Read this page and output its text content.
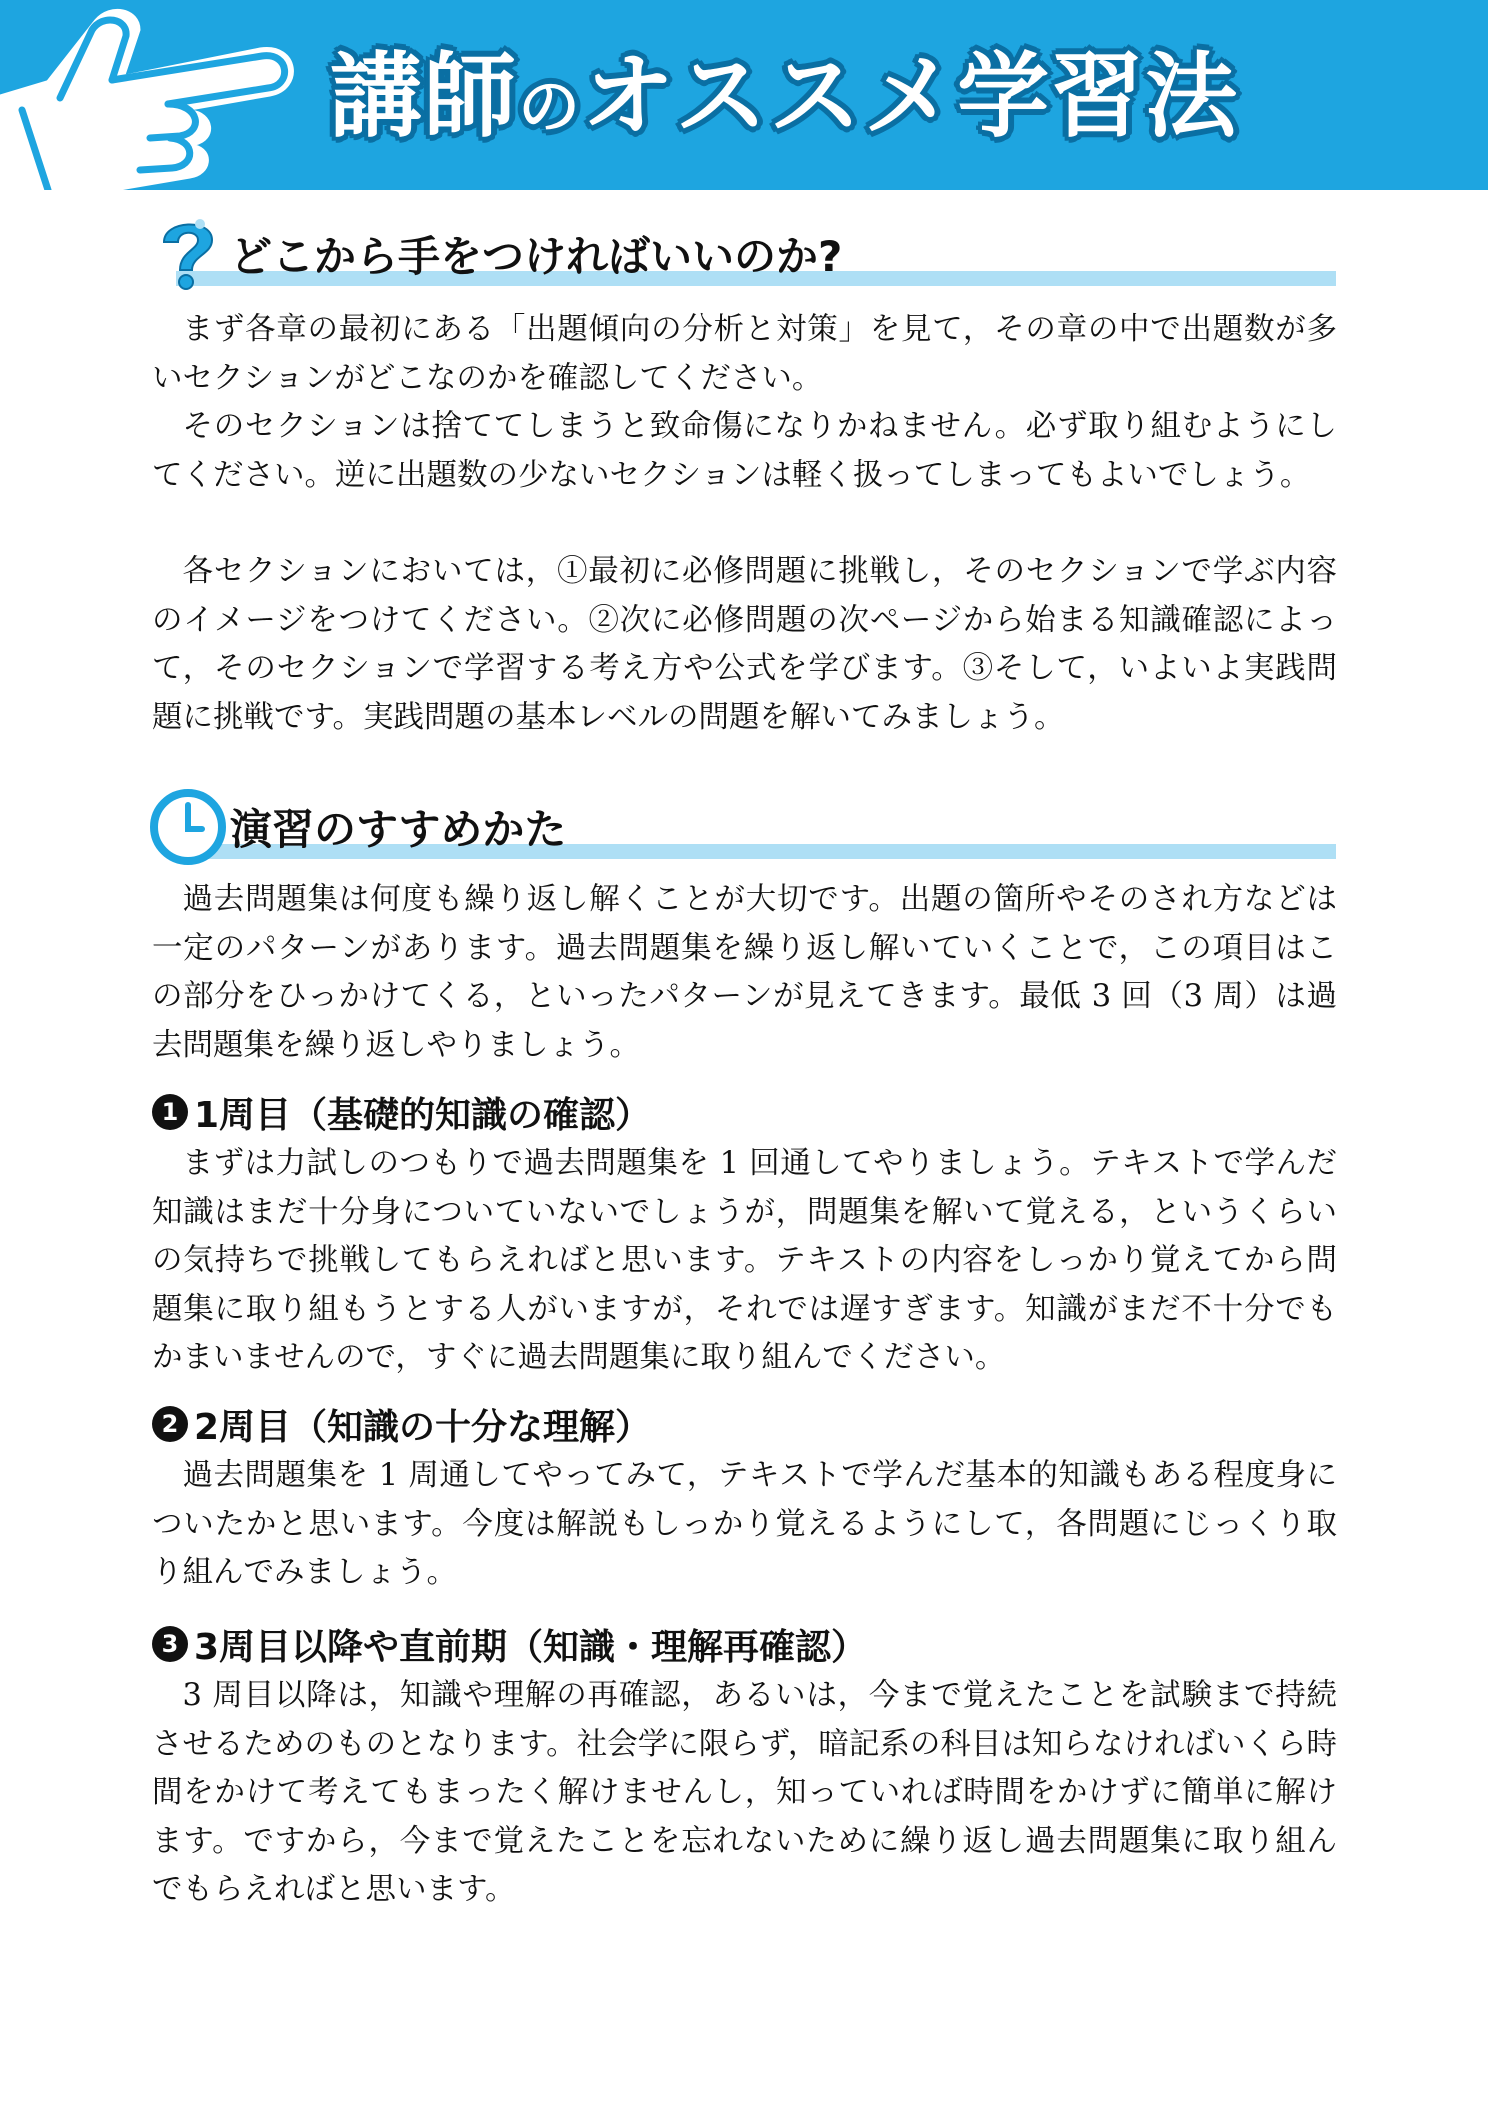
講師のオススメ学習法
どこから手をつければいいのか?

まず各章の最初にある「出題傾向の分析と対策」を見て，その章の中で出題数が多いセクションがどこなのかを確認してください。

そのセクションは捨ててしまうと致命傷になりかねません。必ず取り組むようにしてください。逆に出題数の少ないセクションは軽く扱ってしまってもよいでしょう。

各セクションにおいては，①最初に必修問題に挑戦し，そのセクションで学ぶ内容のイメージをつけてください。②次に必修問題の次ページから始まる知識確認によって，そのセクションで学習する考え方や公式を学びます。③そして，いよいよ実践問題に挑戦です。実践問題の基本レベルの問題を解いてみましょう。

演習のすすめかた

過去問題集は何度も繰り返し解くことが大切です。出題の箇所やそのされ方などは一定のパターンがあります。過去問題集を繰り返し解いていくことで，この項目はこの部分をひっかけてくる，といったパターンが見えてきます。最低 3 回（3 周）は過去問題集を繰り返しやりましょう。

1 1周目（基礎的知識の確認）

まずは力試しのつもりで過去問題集を 1 回通してやりましょう。テキストで学んだ知識はまだ十分身についていないでしょうが，問題集を解いて覚える，というくらいの気持ちで挑戦してもらえればと思います。テキストの内容をしっかり覚えてから問題集に取り組もうとする人がいますが，それでは遅すぎます。知識がまだ不十分でもかまいませんので，すぐに過去問題集に取り組んでください。

2 2周目（知識の十分な理解）

過去問題集を 1 周通してやってみて，テキストで学んだ基本的知識もある程度身についたかと思います。今度は解説もしっかり覚えるようにして，各問題にじっくり取り組んでみましょう。

3 3周目以降や直前期（知識・理解再確認）

3 周目以降は，知識や理解の再確認，あるいは，今まで覚えたことを試験まで持続させるためのものとなります。社会学に限らず，暗記系の科目は知らなければいくら時間をかけて考えてもまったく解けませんし，知っていれば時間をかけずに簡単に解けます。ですから，今まで覚えたことを忘れないために繰り返し過去問題集に取り組んでもらえればと思います。
